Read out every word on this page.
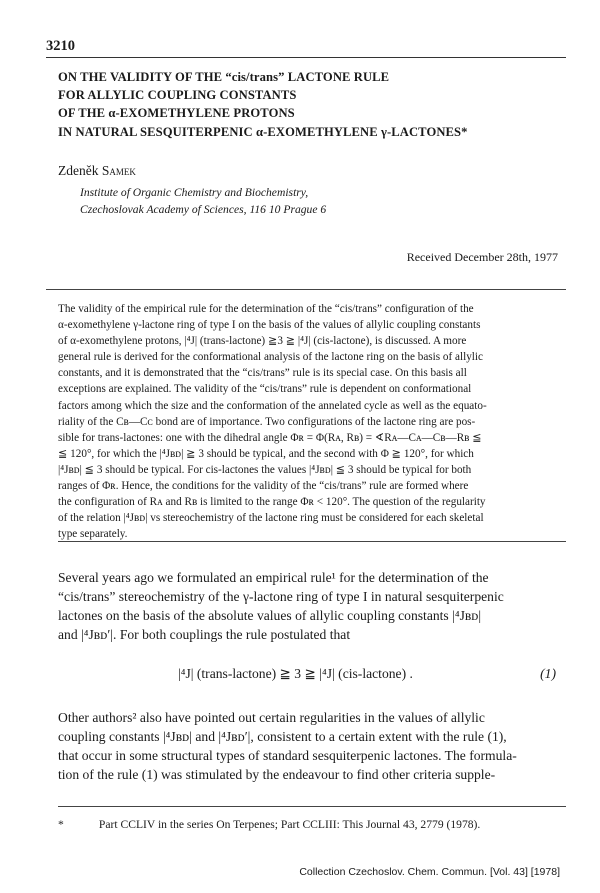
3210
ON THE VALIDITY OF THE “cis/trans” LACTONE RULE
FOR ALLYLIC COUPLING CONSTANTS
OF THE α-EXOMETHYLENE PROTONS
IN NATURAL SESQUITERPENIC α-EXOMETHYLENE γ-LACTONES*
Zdeněk Samek
Institute of Organic Chemistry and Biochemistry,
Czechoslovak Academy of Sciences, 116 10 Prague 6
Received December 28th, 1977
The validity of the empirical rule for the determination of the “cis/trans” configuration of the
α-exomethylene γ-lactone ring of type I on the basis of the values of allylic coupling constants
of α-exomethylene protons, |⁴J| (trans-lactone) ≧3 ≧ |⁴J| (cis-lactone), is discussed. A more
general rule is derived for the conformational analysis of the lactone ring on the basis of allylic
constants, and it is demonstrated that the “cis/trans” rule is its special case. On this basis all
exceptions are explained. The validity of the “cis/trans” rule is dependent on conformational
factors among which the size and the conformation of the annelated cycle as well as the equato-
riality of the Cʙ—Cᴄ bond are of importance. Two configurations of the lactone ring are pos-
sible for trans-lactones: one with the dihedral angle Φʀ = Φ(Rᴀ, Rʙ) = ∢Rᴀ—Cᴀ—Cʙ—Rʙ ≦
≦ 120°, for which the |⁴Jʙᴅ| ≧ 3 should be typical, and the second with Φ ≧ 120°, for which
|⁴Jʙᴅ| ≦ 3 should be typical. For cis-lactones the values |⁴Jʙᴅ| ≦ 3 should be typical for both
ranges of Φʀ. Hence, the conditions for the validity of the “cis/trans” rule are formed where
the configuration of Rᴀ and Rʙ is limited to the range Φʀ < 120°. The question of the regularity
of the relation |⁴Jʙᴅ| vs stereochemistry of the lactone ring must be considered for each skeletal
type separately.
Several years ago we formulated an empirical rule¹ for the determination of the
“cis/trans” stereochemistry of the γ-lactone ring of type I in natural sesquiterpenic
lactones on the basis of the absolute values of allylic coupling constants |⁴Jʙᴅ|
and |⁴Jʙᴅ′|. For both couplings the rule postulated that
|⁴J| (trans-lactone) ≧ 3 ≧ |⁴J| (cis-lactone) .	(1)
Other authors² also have pointed out certain regularities in the values of allylic
coupling constants |⁴Jʙᴅ| and |⁴Jʙᴅ′|, consistent to a certain extent with the rule (1),
that occur in some structural types of standard sesquiterpenic lactones. The formula-
tion of the rule (1) was stimulated by the endeavour to find other criteria supple-
*	Part CCLIV in the series On Terpenes; Part CCLIII: This Journal 43, 2779 (1978).
Collection Czechoslov. Chem. Commun. [Vol. 43] [1978]
